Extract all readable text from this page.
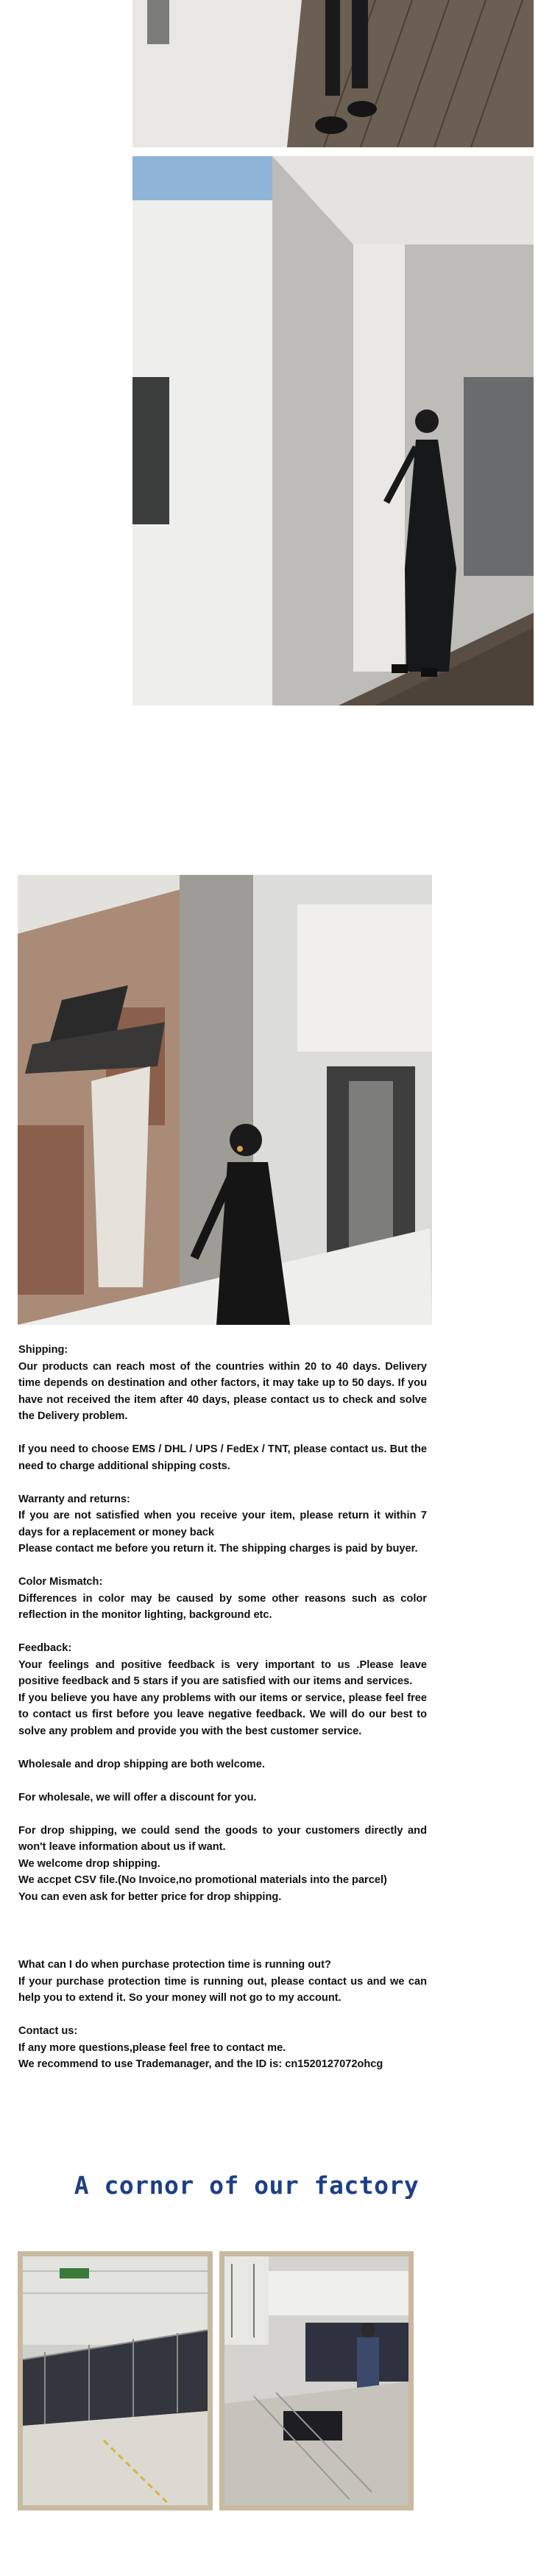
Shipping:

Our products can reach most of the countries within 20 to 40 days. Delivery time depends on destination and other factors, it may take up to 50 days. If you have not received the item after 40 days, please contact us to check and solve the Delivery problem.

If you need to choose EMS / DHL / UPS / FedEx / TNT, please contact us. But the need to charge additional shipping costs.

Warranty and returns:

If you are not satisfied when you receive your item, please return it within 7 days for a replacement or money back

Please contact me before you return it. The shipping charges is paid by buyer.

Color Mismatch:

Differences in color may be caused by some other reasons such as color reflection in the monitor lighting, background etc.

Feedback:

Your feelings and positive feedback is very important to us .Please leave positive feedback and 5 stars if you are satisfied with our items and services.

If you believe you have any problems with our items or service, please feel free to contact us first before you leave negative feedback. We will do our best to solve any problem and provide you with the best customer service.

Wholesale and drop shipping are both welcome.

For wholesale, we will offer a discount for you.

For drop shipping, we could send the goods to your customers directly and won't leave information about us if want.

We welcome drop shipping.

We accpet CSV file.(No Invoice,no promotional materials into the parcel)

You can even ask for better price for drop shipping.

What can I do when purchase protection time is running out?

If your purchase protection time is running out, please contact us and we can help you to extend it. So your money will not go to my account.

Contact us:

If any more questions,please feel free to contact me.

We recommend to use Trademanager, and the ID is: cn1520127072ohcg

A cornor of our factory
